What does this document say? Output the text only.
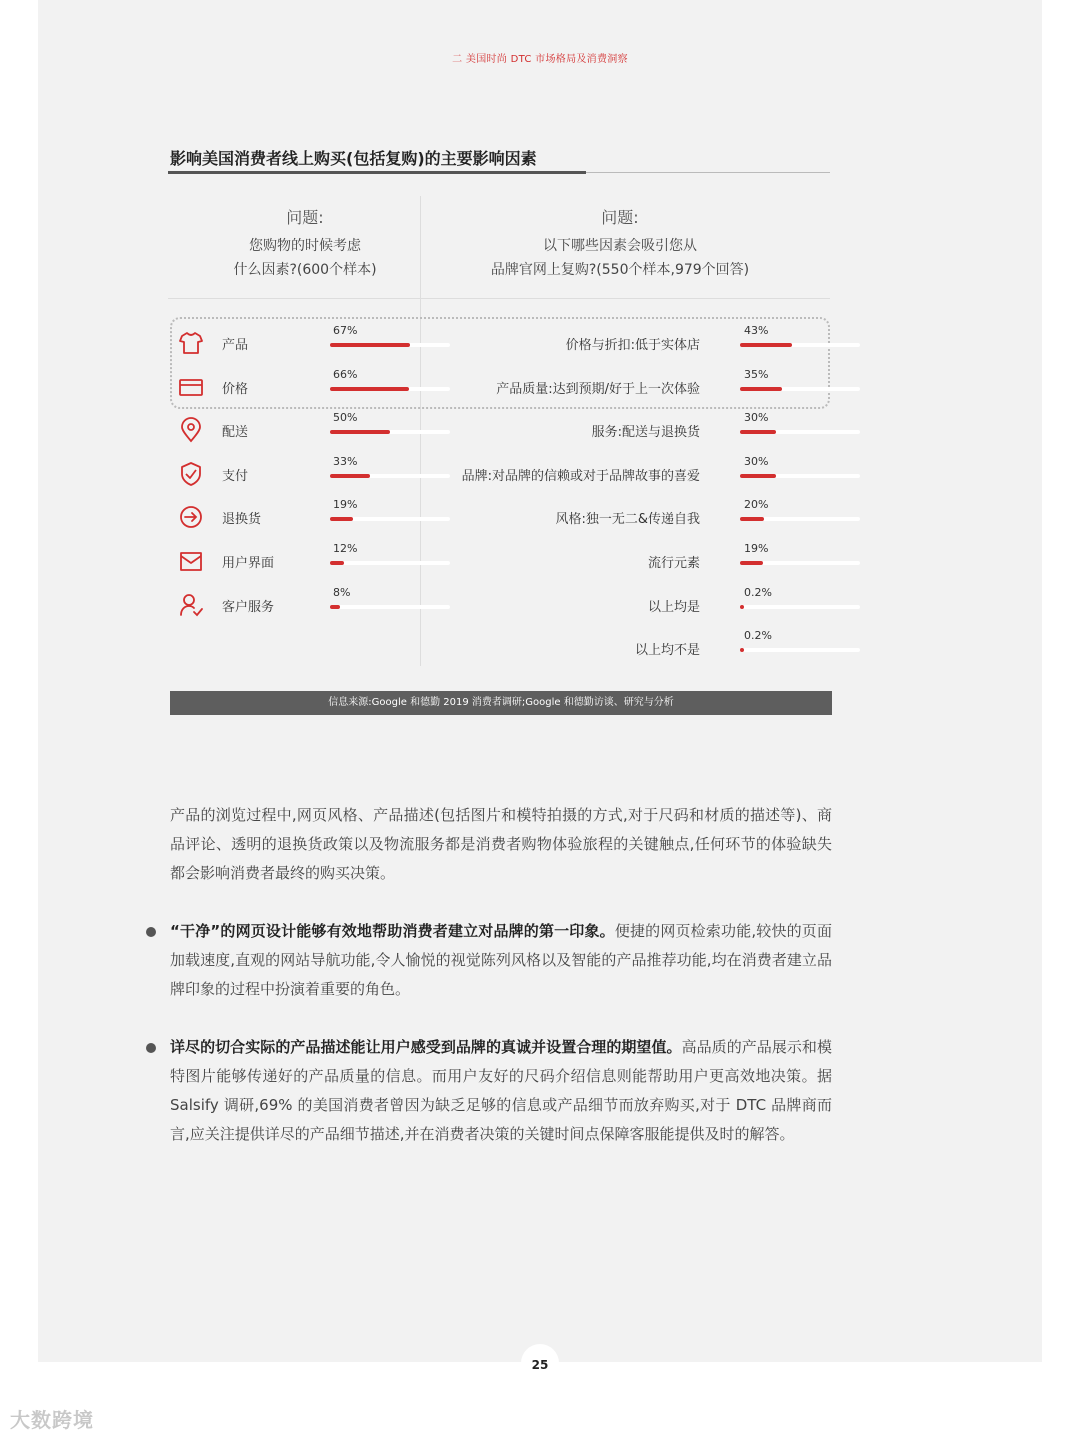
二 美国时尚 DTC 市场格局及消费洞察
影响美国消费者线上购买(包括复购)的主要影响因素
问题:
您购物的时候考虑
什么因素?(600个样本)
问题:
以下哪些因素会吸引您从
品牌官网上复购?(550个样本,979个回答)
产品
67%
价格
66%
配送
50%
支付
33%
退换货
19%
用户界面
12%
客户服务
8%
价格与折扣:低于实体店
43%
产品质量:达到预期/好于上一次体验
35%
服务:配送与退换货
30%
品牌:对品牌的信赖或对于品牌故事的喜爱
30%
风格:独一无二&传递自我
20%
流行元素
19%
以上均是
0.2%
以上均不是
0.2%
信息来源:Google 和德勤 2019 消费者调研;Google 和德勤访谈、研究与分析
产品的浏览过程中,网页风格、产品描述(包括图片和模特拍摄的方式,对于尺码和材质的描述等)、商品评论、透明的退换货政策以及物流服务都是消费者购物体验旅程的关键触点,任何环节的体验缺失都会影响消费者最终的购买决策。
“干净”的网页设计能够有效地帮助消费者建立对品牌的第一印象。便捷的网页检索功能,较快的页面加载速度,直观的网站导航功能,令人愉悦的视觉陈列风格以及智能的产品推荐功能,均在消费者建立品牌印象的过程中扮演着重要的角色。
详尽的切合实际的产品描述能让用户感受到品牌的真诚并设置合理的期望值。高品质的产品展示和模特图片能够传递好的产品质量的信息。而用户友好的尺码介绍信息则能帮助用户更高效地决策。据 Salsify 调研,69% 的美国消费者曾因为缺乏足够的信息或产品细节而放弃购买,对于 DTC 品牌商而言,应关注提供详尽的产品细节描述,并在消费者决策的关键时间点保障客服能提供及时的解答。
25
大数跨境
